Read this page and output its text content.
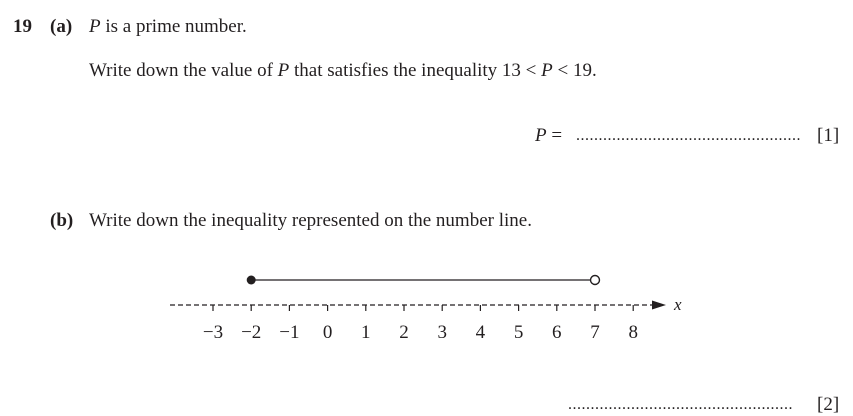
19 (a) P is a prime number.
Write down the value of P that satisfies the inequality 13 < P < 19.
P = .................................................. [1]
(b) Write down the inequality represented on the number line.
x
−3 −2 −1 0 1 2 3 4 5 6 7 8
.................................................. [2]
